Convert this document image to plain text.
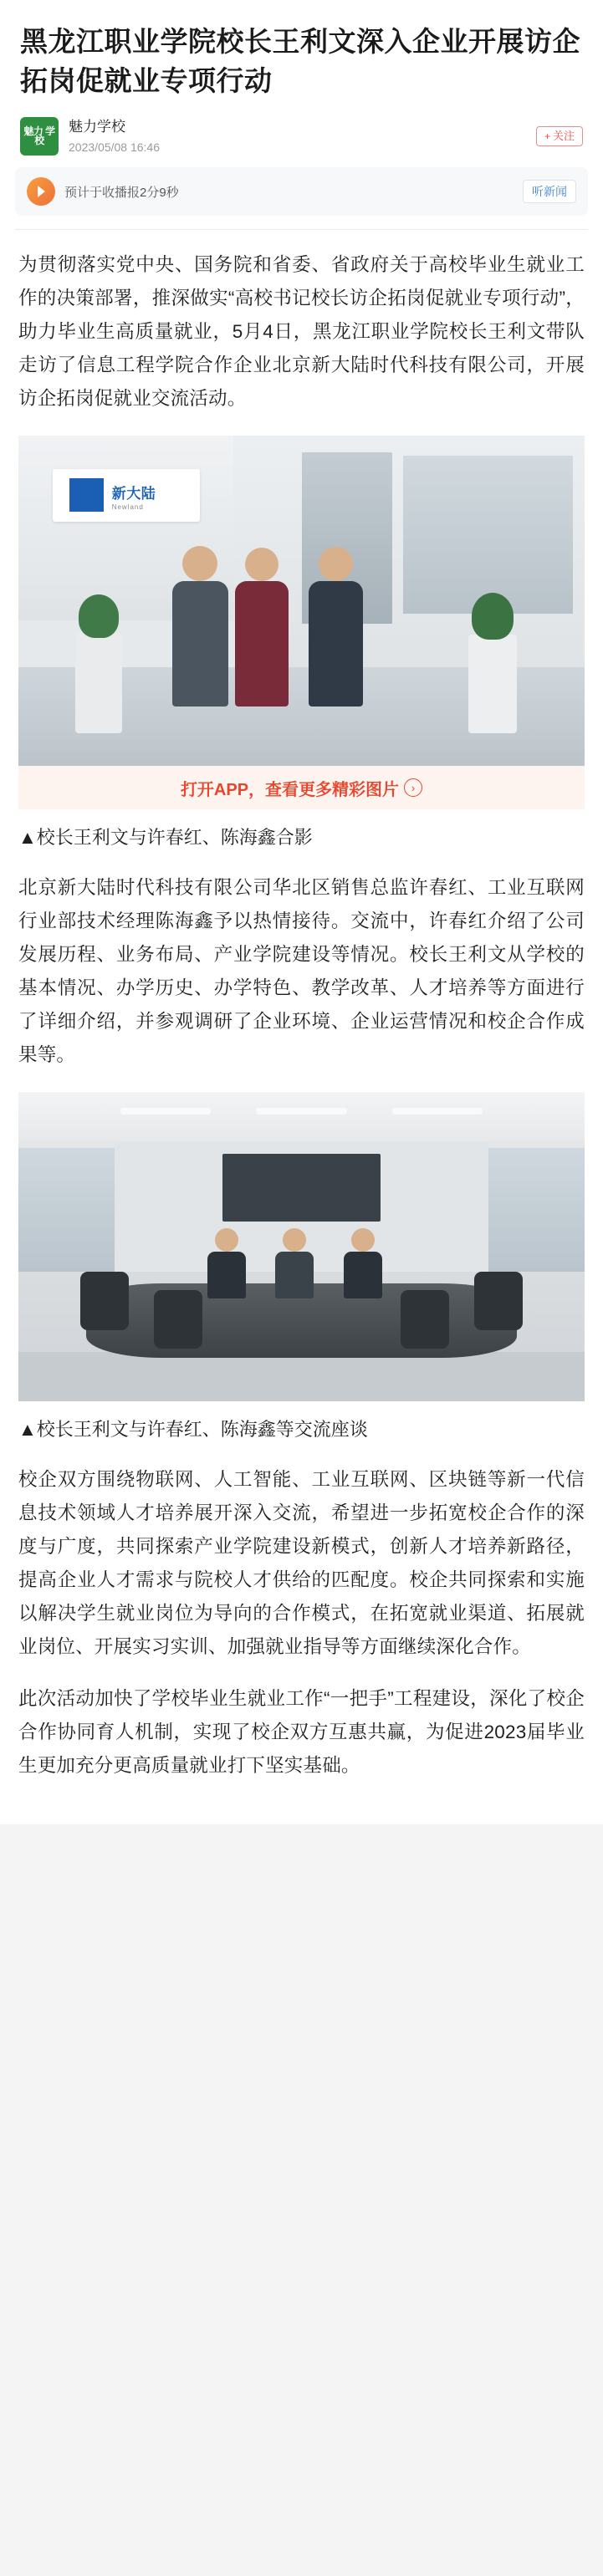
黑龙江职业学院校长王利文深入企业开展访企拓岗促就业专项行动
魅力 学校
魅力学校
2023/05/08 16:46
+ 关注
预计于收播报2分9秒	听新闻

为贯彻落实党中央、国务院和省委、省政府关于高校毕业生就业工作的决策部署，推深做实“高校书记校长访企拓岗促就业专项行动”，助力毕业生高质量就业，5月4日，黑龙江职业学院校长王利文带队走访了信息工程学院合作企业北京新大陆时代科技有限公司，开展访企拓岗促就业交流活动。

新大陆
Newland
打开APP，查看更多精彩图片	›
▲校长王利文与许春红、陈海鑫合影

北京新大陆时代科技有限公司华北区销售总监许春红、工业互联网行业部技术经理陈海鑫予以热情接待。交流中，许春红介绍了公司发展历程、业务布局、产业学院建设等情况。校长王利文从学校的基本情况、办学历史、办学特色、教学改革、人才培养等方面进行了详细介绍，并参观调研了企业环境、企业运营情况和校企合作成果等。

▲校长王利文与许春红、陈海鑫等交流座谈

校企双方围绕物联网、人工智能、工业互联网、区块链等新一代信息技术领域人才培养展开深入交流，希望进一步拓宽校企合作的深度与广度，共同探索产业学院建设新模式，创新人才培养新路径，提高企业人才需求与院校人才供给的匹配度。校企共同探索和实施以解决学生就业岗位为导向的合作模式，在拓宽就业渠道、拓展就业岗位、开展实习实训、加强就业指导等方面继续深化合作。

此次活动加快了学校毕业生就业工作“一把手”工程建设，深化了校企合作协同育人机制，实现了校企双方互惠共赢，为促进2023届毕业生更加充分更高质量就业打下坚实基础。
